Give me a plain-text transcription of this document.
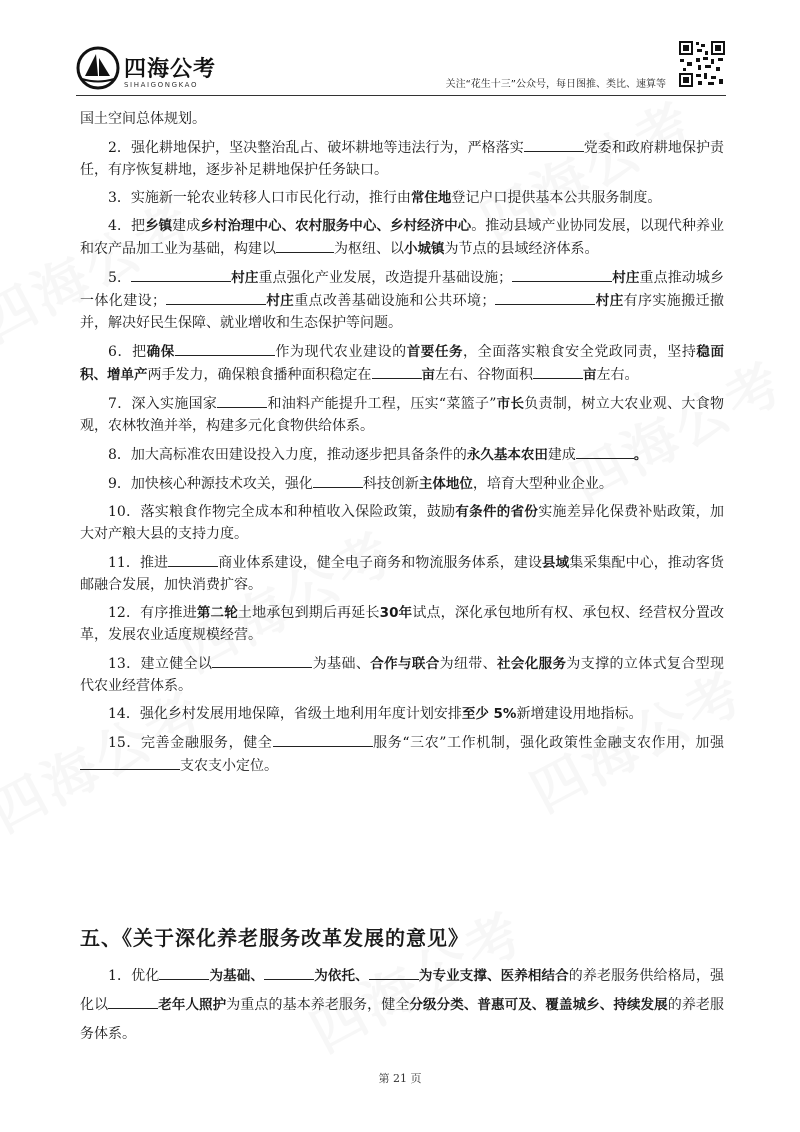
四海公考
SIHAIGONGKAO	关注“花生十三”公众号，每日图推、类比、速算等

国土空间总体规划。

2．强化耕地保护，坚决整治乱占、破坏耕地等违法行为，严格落实	党委和政府耕地保护责任，有序恢复耕地，逐步补足耕地保护任务缺口。

3．实施新一轮农业转移人口市民化行动，推行由常住地登记户口提供基本公共服务制度。

4．把乡镇建成乡村治理中心、农村服务中心、乡村经济中心。推动县域产业协同发展，以现代种养业和农产品加工业为基础，构建以	为枢纽、以小城镇为节点的县域经济体系。

5．	村庄重点强化产业发展，改造提升基础设施；	村庄重点推动城乡一体化建设；	村庄重点改善基础设施和公共环境；	村庄有序实施搬迁撤并，解决好民生保障、就业增收和生态保护等问题。

6．把确保	作为现代农业建设的首要任务，全面落实粮食安全党政同责，坚持稳面积、增单产两手发力，确保粮食播种面积稳定在	亩左右、谷物面积	亩左右。

7．深入实施国家	和油料产能提升工程，压实“菜篮子”市长负责制，树立大农业观、大食物观，农林牧渔并举，构建多元化食物供给体系。

8．加大高标准农田建设投入力度，推动逐步把具备条件的永久基本农田建成	。

9．加快核心种源技术攻关，强化	科技创新主体地位，培育大型种业企业。

10．落实粮食作物完全成本和种植收入保险政策，鼓励有条件的省份实施差异化保费补贴政策，加大对产粮大县的支持力度。

11．推进	商业体系建设，健全电子商务和物流服务体系，建设县域集采集配中心，推动客货邮融合发展，加快消费扩容。

12．有序推进第二轮土地承包到期后再延长30年试点，深化承包地所有权、承包权、经营权分置改革，发展农业适度规模经营。

13．建立健全以	为基础、合作与联合为纽带、社会化服务为支撑的立体式复合型现代农业经营体系。

14．强化乡村发展用地保障，省级土地利用年度计划安排至少 5%新增建设用地指标。

15．完善金融服务，健全	服务“三农”工作机制，强化政策性金融支农作用，加强支农支小定位。

五、《关于深化养老服务改革发展的意见》

1．优化	为基础、	为依托、	为专业支撑、医养相结合的养老服务供给格局，强化以	老年人照护为重点的基本养老服务，健全分级分类、普惠可及、覆盖城乡、持续发展的养老服务体系。

第 21 页
